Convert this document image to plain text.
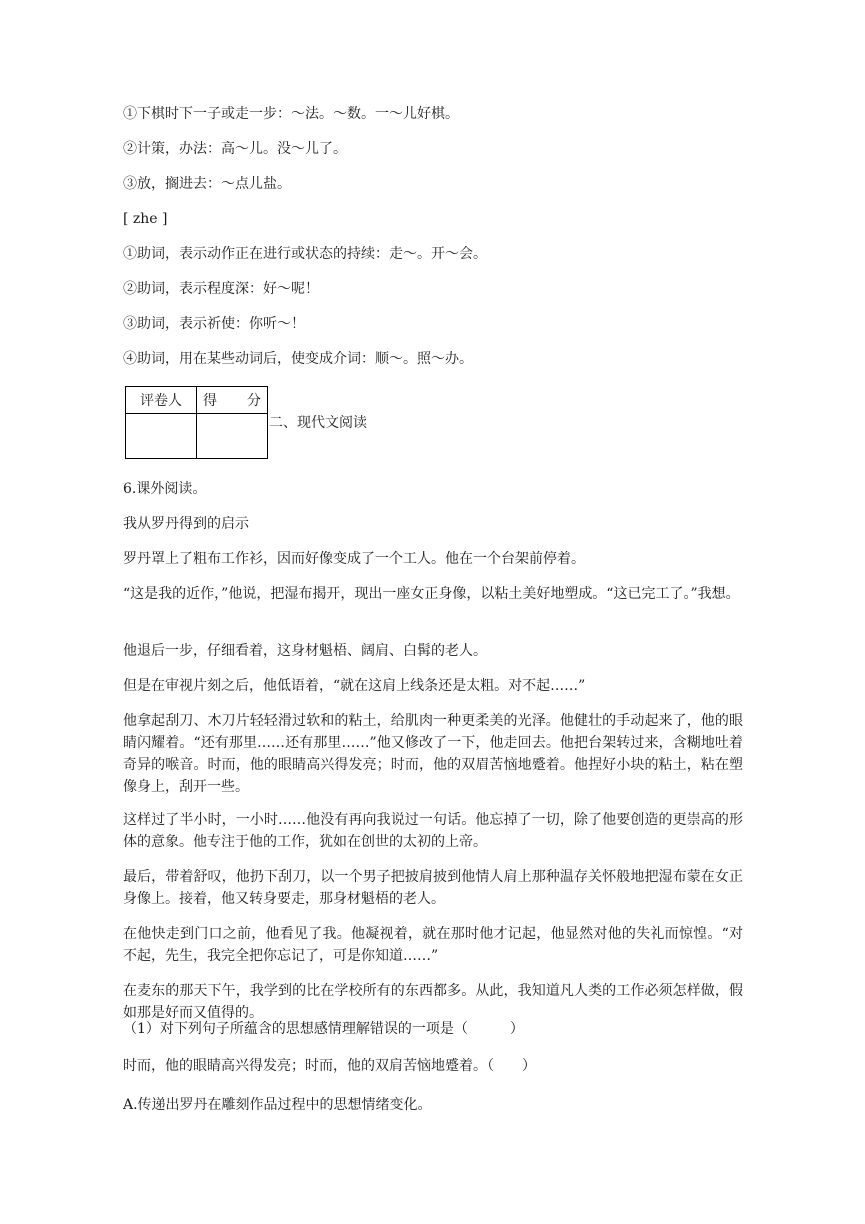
①下棋时下一子或走一步：～法。～数。一～儿好棋。
②计策，办法：高～儿。没～儿了。
③放，搁进去：～点儿盐。
[ zhe ]
①助词，表示动作正在进行或状态的持续：走～。开～会。
②助词，表示程度深：好～呢！
③助词，表示祈使：你听～！
④助词，用在某些动词后，使变成介词：顺～。照～办。
评卷人	得 分

二、现代文阅读
6.课外阅读。
我从罗丹得到的启示
罗丹罩上了粗布工作衫，因而好像变成了一个工人。他在一个台架前停着。
“这是我的近作，”他说，把湿布揭开，现出一座女正身像，以粘土美好地塑成。“这已完工了。”我想。
他退后一步，仔细看着，这身材魁梧、阔肩、白髯的老人。
但是在审视片刻之后，他低语着，“就在这肩上线条还是太粗。对不起……”
他拿起刮刀、木刀片轻轻滑过软和的粘土，给肌肉一种更柔美的光泽。他健壮的手动起来了，他的眼睛闪耀着。“还有那里……还有那里……”他又修改了一下，他走回去。他把台架转过来，含糊地吐着奇异的喉音。时而，他的眼睛高兴得发亮；时而，他的双眉苦恼地蹙着。他捏好小块的粘土，粘在塑像身上，刮开一些。
这样过了半小时，一小时……他没有再向我说过一句话。他忘掉了一切，除了他要创造的更崇高的形体的意象。他专注于他的工作，犹如在创世的太初的上帝。
最后，带着舒叹，他扔下刮刀，以一个男子把披肩披到他情人肩上那种温存关怀般地把湿布蒙在女正身像上。接着，他又转身要走，那身材魁梧的老人。
在他快走到门口之前，他看见了我。他凝视着，就在那时他才记起，他显然对他的失礼而惊惶。“对不起，先生，我完全把你忘记了，可是你知道……”
在麦东的那天下午，我学到的比在学校所有的东西都多。从此，我知道凡人类的工作必须怎样做，假如那是好而又值得的。
（1）对下列句子所蕴含的思想感情理解错误的一项是（　　　）
时而，他的眼睛高兴得发亮；时而，他的双肩苦恼地蹙着。（　　）
A.传递出罗丹在雕刻作品过程中的思想情绪变化。
